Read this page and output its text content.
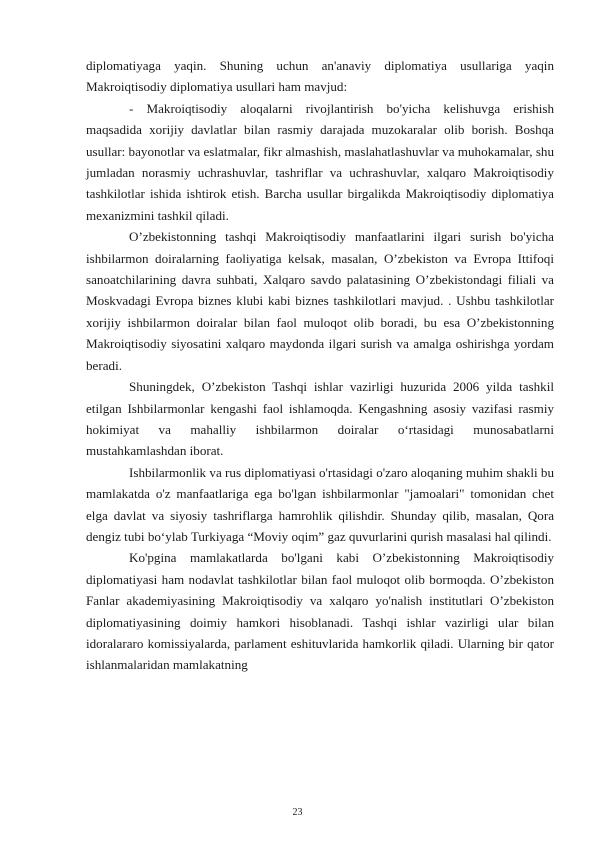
diplomatiyaga yaqin. Shuning uchun an'anaviy diplomatiya usullariga yaqin Makroiqtisodiy diplomatiya usullari ham mavjud:

- Makroiqtisodiy aloqalarni rivojlantirish bo'yicha kelishuvga erishish maqsadida xorijiy davlatlar bilan rasmiy darajada muzokaralar olib borish. Boshqa usullar: bayonotlar va eslatmalar, fikr almashish, maslahatlashuvlar va muhokamalar, shu jumladan norasmiy uchrashuvlar, tashriflar va uchrashuvlar, xalqaro Makroiqtisodiy tashkilotlar ishida ishtirok etish. Barcha usullar birgalikda Makroiqtisodiy diplomatiya mexanizmini tashkil qiladi.

O’zbekistonning tashqi Makroiqtisodiy manfaatlarini ilgari surish bo'yicha ishbilarmon doiralarning faoliyatiga kelsak, masalan, O’zbekiston va Evropa Ittifoqi sanoatchilarining davra suhbati, Xalqaro savdo palatasining O’zbekistondagi filiali va Moskvadagi Evropa biznes klubi kabi biznes tashkilotlari mavjud. . Ushbu tashkilotlar xorijiy ishbilarmon doiralar bilan faol muloqot olib boradi, bu esa O’zbekistonning Makroiqtisodiy siyosatini xalqaro maydonda ilgari surish va amalga oshirishga yordam beradi.

Shuningdek, O’zbekiston Tashqi ishlar vazirligi huzurida 2006 yilda tashkil etilgan Ishbilarmonlar kengashi faol ishlamoqda. Kengashning asosiy vazifasi rasmiy hokimiyat va mahalliy ishbilarmon doiralar o‘rtasidagi munosabatlarni mustahkamlashdan iborat.

Ishbilarmonlik va rus diplomatiyasi o'rtasidagi o'zaro aloqaning muhim shakli bu mamlakatda o'z manfaatlariga ega bo'lgan ishbilarmonlar "jamoalari" tomonidan chet elga davlat va siyosiy tashriflarga hamrohlik qilishdir. Shunday qilib, masalan, Qora dengiz tubi bo‘ylab Turkiyaga “Moviy oqim” gaz quvurlarini qurish masalasi hal qilindi.

Ko'pgina mamlakatlarda bo'lgani kabi O’zbekistonning Makroiqtisodiy diplomatiyasi ham nodavlat tashkilotlar bilan faol muloqot olib bormoqda. O’zbekiston Fanlar akademiyasining Makroiqtisodiy va xalqaro yo'nalish institutlari O’zbekiston diplomatiyasining doimiy hamkori hisoblanadi. Tashqi ishlar vazirligi ular bilan idoralararo komissiyalarda, parlament eshituvlarida hamkorlik qiladi. Ularning bir qator ishlanmalaridan mamlakatning

23
